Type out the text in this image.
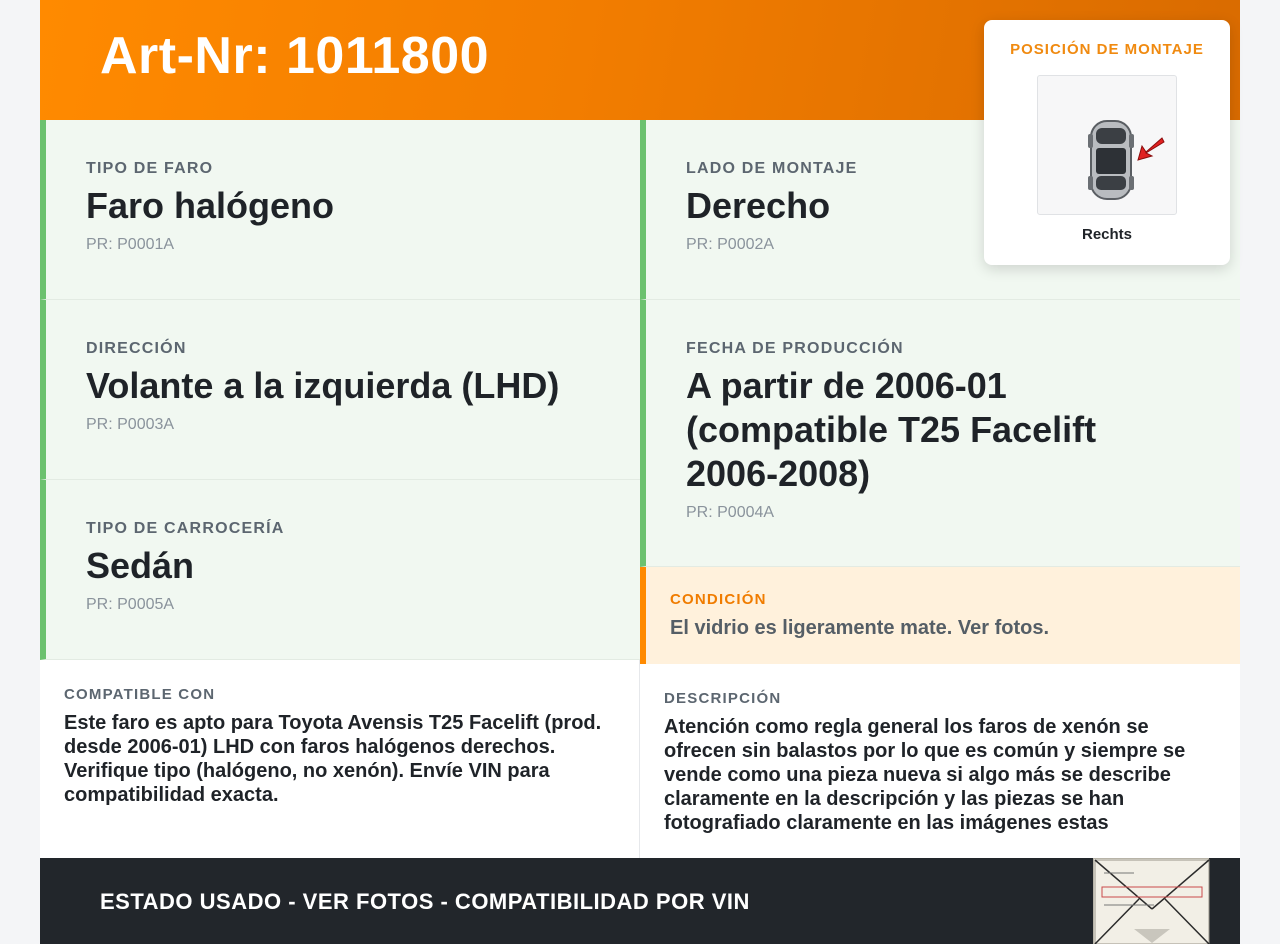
Art-Nr: 1011800
TIPO DE FARO
Faro halógeno
PR: P0001A
LADO DE MONTAJE
Derecho
PR: P0002A
DIRECCIÓN
Volante a la izquierda (LHD)
PR: P0003A
FECHA DE PRODUCCIÓN
A partir de 2006-01 (compatible T25 Facelift 2006-2008)
PR: P0004A
TIPO DE CARROCERÍA
Sedán
PR: P0005A	CONDICIÓN
El vidrio es ligeramente mate. Ver fotos.
COMPATIBLE CON
Este faro es apto para Toyota Avensis T25 Facelift (prod. desde 2006-01) LHD con faros halógenos derechos. Verifique tipo (halógeno, no xenón). Envíe VIN para compatibilidad exacta.
DESCRIPCIÓN
Atención como regla general los faros de xenón se ofrecen sin balastos por lo que es común y siempre se vende como una pieza nueva si algo más se describe claramente en la descripción y las piezas se han fotografiado claramente en las imágenes estas
ESTADO USADO - VER FOTOS - COMPATIBILIDAD POR VIN
POSICIÓN DE MONTAJE
Rechts
